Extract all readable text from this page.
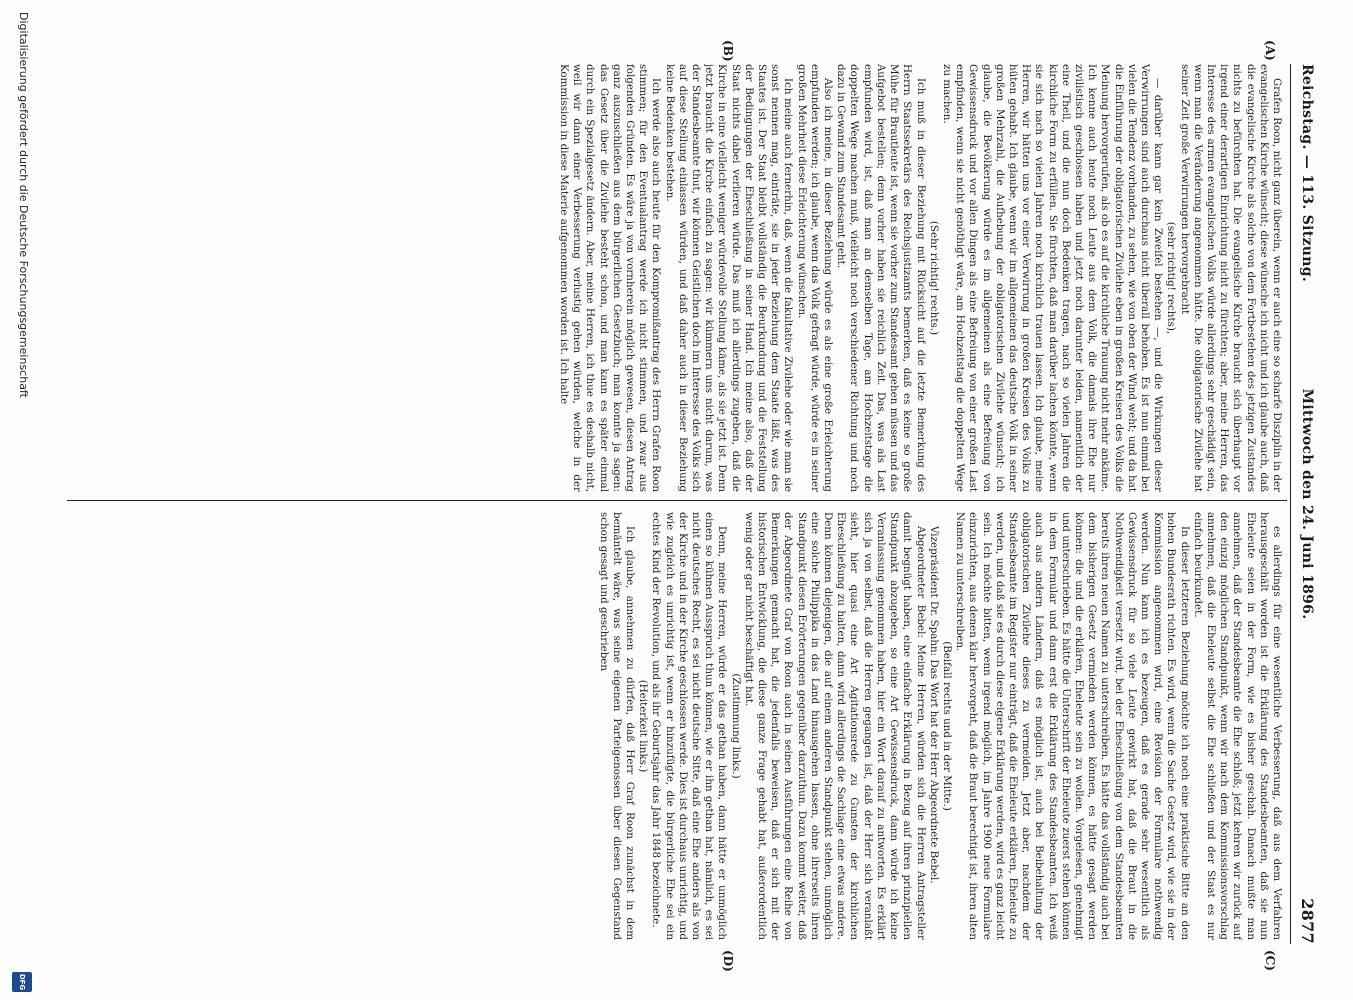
Reichstag. — 113. Sitzung.
Mittwoch den 24. Juni 1896.
2877
(A)
(B)
(C)
(D)

Grafen Roon, nicht ganz überein, wenn er auch eine so scharfe Disziplin in der evangelischen Kirche wünscht; diese wünsche ich nicht und ich glaube auch, daß die evangelische Kirche als solche von dem Fortbestehen des jetzigen Zustandes nichts zu befürchten hat. Die evangelische Kirche braucht sich überhaupt vor irgend einer derartigen Einrichtung nicht zu fürchten; aber, meine Herren, das Interesse des armen evangelischen Volks würde allerdings sehr geschädigt sein, wenn man die Veränderung angenommen hätte. Die obligatorische Zivilehe hat seiner Zeit große Verwirrungen hervorgebracht

(sehr richtig! rechts),

— darüber kann gar kein Zweifel bestehen —, und die Wirkungen dieser Verwirrungen sind auch durchaus nicht überall behoben. Es ist nun einmal bei vielen die Tendenz vorhanden, zu sehen, wie von oben der Wind weht; und da hat die Einführung der obligatorischen Zivilehe eben in großen Kreisen des Volks die Meinung hervorgerufen, als ob es auf die kirchliche Trauung nicht mehr ankäme. Ich kenne auch heute noch Leute aus dem Volk, die damals ihre Ehe nur zivilistisch geschlossen haben und jetzt noch darunter leiden, namentlich der eine Theil, und die nun doch Bedenken tragen, nach so vielen Jahren die kirchliche Form zu erfüllen. Sie fürchten, daß man darüber lachen könnte, wenn sie sich nach so vielen Jahren noch kirchlich trauen lassen. Ich glaube, meine Herren, wir hätten uns vor einer Verwirrung in großen Kreisen des Volks zu hüten gehabt. Ich glaube, wenn wir im allgemeinen das deutsche Volk in seiner großen Mehrzahl, die Aufhebung der obligatorischen Zivilehe wünscht; ich glaube, die Bevölkerung würde es im allgemeinen als eine Befreiung von Gewissensdruck und vor allen Dingen als eine Befreiung von einer großen Last empfinden, wenn sie nicht genöthigt wäre, am Hochzeitstag die doppelten Wege zu machen.

(Sehr richtig! rechts.)

Ich muß in dieser Beziehung mit Rücksicht auf die letzte Bemerkung des Herrn Staatssekretärs des Reichsjustizamts bemerken, daß es keine so große Mühe für Brautleute ist, wenn sie vorher zum Standesamt gehen müssen und das Aufgebot bestellen; denn vorher haben sie reichlich Zeit. Das, was als Last empfunden wird, ist, daß man an demselben Tage, am Hochzeitstage die doppelten Wege machen muß, vielleicht noch verschiedener Richtung und noch dazu in Gewand zum Standesamt geht.

Also ich meine, in dieser Beziehung würde es als eine große Erleichterung empfunden werden; ich glaube, wenn das Volk gefragt würde, würde es in seiner großen Mehrheit diese Erleichterung wünschen.

Ich meine auch fernerhin, daß, wenn die fakultative Zivilehe oder wie man sie sonst nennen mag, einträte, sie in jeder Beziehung dem Staate läßt, was des Staates ist. Der Staat bleibt vollständig die Beurkundung und die Feststellung der Bedingungen der Eheschließung in seiner Hand. Ich meine also, daß der Staat nichts dabei verlieren würde. Das muß ich allerdings zugeben, daß die Kirche in eine vielleicht weniger würdevolle Stellung käme, als sie jetzt ist. Denn jetzt braucht die Kirche einfach zu sagen: wir kümmern uns nicht darum, was der Standesbeamte thut, wir können Geistlichen doch im Interesse des Volks sich auf diese Stellung einlassen würden, und daß daher auch in dieser Beziehung keine Bedenken bestehen.

Ich werde also auch heute für den Kompromißantrag des Herrn Grafen Roon stimmen; für den Eventualantrag werde ich nicht stimmen, und zwar aus folgenden Gründen. Es wäre ja von vornherein möglich gewesen, diesen Antrag ganz auszuschließen aus dem bürgerlichen Gesetzbuch; man konnte ja sagen: das Gesetz über die Zivilehe besteht schon, und man kann es später einmal durch ein Spezialgesetz ändern. Aber, meine Herren, ich thue es deshalb nicht, weil wir dann einer Verbesserung verlustig gehen würden, welche in der Kommission in diese Materie aufgenommen worden ist. Ich halte

es allerdings für eine wesentliche Verbesserung, daß aus dem Verfahren herausgeschält worden ist die Erklärung des Standesbeamten, daß sie nun Eheleute seien in der Form, wie es bisher geschah. Danach mußte man annehmen, daß der Standesbeamte die Ehe schloß; jetzt kehren wir zurück auf den einzig möglichen Standpunkt, wenn wir nach dem Kommissionsvorschlag annehmen, daß die Eheleute selbst die Ehe schließen und der Staat es nur einfach beurkundet.

In dieser letzteren Beziehung möchte ich noch eine praktische Bitte an den hohen Bundesrath richten. Es wird, wenn die Sache Gesetz wird, wie sie in der Kommission angenommen wird, eine Revision der Formulare nothwendig werden. Nun kann ich es bezeugen, daß es gerade sehr wesentlich als Gewissensdruck für so viele Leute gewirkt hat, daß die Braut in die Nothwendigkeit versetzt wird, bei der Eheschließung von dem Standesbeamten bereits ihren neuen Namen zu unterschreiben. Es hätte das vollständig auch bei dem bisherigen Gesetz vermieden werden können, es hätte gesagt werden können: die und die erklären, Eheleute sein zu wollen. Vorgelesen, genehmigt und unterschrieben. Es hätte die Unterschrift der Eheleute zuerst stehen können in dem Formular und dann erst die Erklärung des Standesbeamten. Ich weiß auch aus andern Ländern, daß es möglich ist, auch bei Beibehaltung der obligatorischen Zivilehe dieses zu vermeiden. Jetzt aber, nachdem der Standesbeamte im Register nur einträgt, daß die Eheleute erklären, Eheleute zu werden, und daß sie es durch diese eigene Erklärung werden, wird es ganz leicht sein. Ich möchte bitten, wenn irgend möglich, im Jahre 1900 neue Formulare einzurichten, aus denen klar hervorgeht, daß die Braut berechtigt ist, ihren alten Namen zu unterschreiben.

(Beifall rechts und in der Mitte.)

Vizepräsident Dr. Spahn: Das Wort hat der Herr Abgeordnete Bebel.

Abgeordneter Bebel: Meine Herren, würden sich die Herren Antragsteller damit begnügt haben, eine einfache Erklärung in Bezug auf ihren prinzipiellen Standpunkt abzugeben, so eine Art Gewissensdruck, dann würde ich keine Veranlassung genommen haben, hier ein Wort darauf zu antworten. Es erklärt sich ja von selbst, daß die Herren gegangen ist, daß der Herr sich veranlaßt sieht, hier quasi eine Art Agitationsrede zu Gunsten der kirchlichen Eheschließung zu halten, dann wird allerdings die Sachlage eine etwas andere. Denn können diejenigen, die auf einem anderen Standpunkt stehen, unmöglich eine solche Philippika in das Land hinausgehen lassen, ohne ihrerseits ihren Standpunkt diesen Erörterungen gegenüber darzuthun. Dazu kommt weiter, daß der Abgeordnete Graf von Roon auch in seinen Ausführungen eine Reihe von Bemerkungen gemacht hat, die jedenfalls beweisen, daß er sich mit der historischen Entwicklung, die diese ganze Frage gehabt hat, außerordentlich wenig oder gar nicht beschäftigt hat.

(Zustimmung links.)

Denn, meine Herren, würde er das gethan haben, dann hätte er unmöglich einen so kühnen Ausspruch thun können, wie er ihn gethan hat, nämlich, es sei nicht deutsches Recht, es sei nicht deutsche Sitte, daß eine Ehe anders als von der Kirche und in der Kirche geschlossen werde. Dies ist durchaus unrichtig, und wie zugleich es unrichtig ist, wenn er hinzufügte, die bürgerliche Ehe sei ein echtes Kind der Revolution, und als ihr Geburtsjahr das Jahr 1848 bezeichnete.

(Heiterkeit links.)

Ich glaube, annehmen zu dürfen, daß Herr Graf Roon zunächst in dem bemäntelt wäre, was seine eigenen Parteigenossen über diesen Gegenstand schon gesagt und geschrieben

Digitalisierung gefördert durch die Deutsche Forschungsgemeinschaft
DFG
